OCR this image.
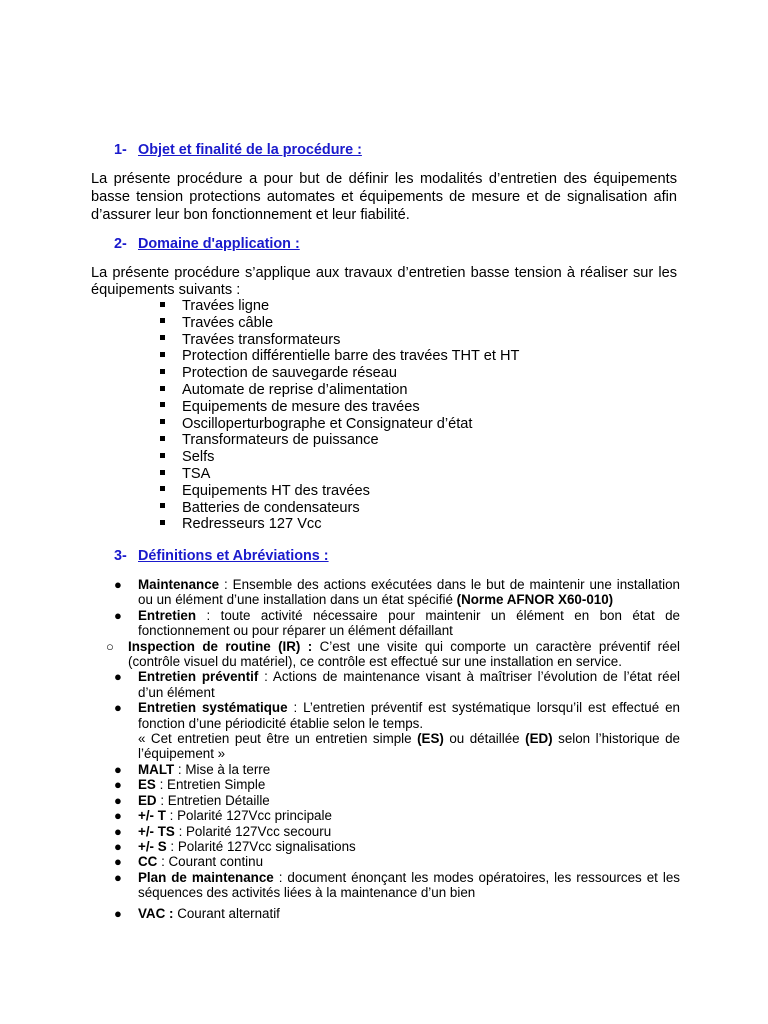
1- Objet et finalité de la procédure :
La présente procédure a pour but de définir les modalités d’entretien des équipements basse tension protections automates et équipements de mesure et de signalisation afin d’assurer leur bon fonctionnement et leur fiabilité.
2- Domaine d'application :
La présente procédure s’applique aux travaux d’entretien basse tension à réaliser sur les équipements suivants :
Travées ligne
Travées câble
Travées transformateurs
Protection différentielle barre des travées THT et HT
Protection de sauvegarde réseau
Automate de reprise d’alimentation
Equipements de mesure des travées
Oscilloperturbographe et Consignateur d’état
Transformateurs de puissance
Selfs
TSA
Equipements HT des travées
Batteries de condensateurs
Redresseurs 127 Vcc
3- Définitions et Abréviations :
● Maintenance : Ensemble des actions exécutées dans le but de maintenir une installation ou un élément d’une installation dans un état spécifié (Norme AFNOR X60-010)
● Entretien : toute activité nécessaire pour maintenir un élément en bon état de fonctionnement ou pour réparer un élément défaillant
○ Inspection de routine (IR) : C’est une visite qui comporte un caractère préventif réel (contrôle visuel du matériel), ce contrôle est effectué sur une installation en service.
● Entretien préventif : Actions de maintenance visant à maîtriser l’évolution de l’état réel d’un élément
● Entretien systématique : L’entretien préventif est systématique lorsqu’il est effectué en fonction d’une périodicité établie selon le temps.
« Cet entretien peut être un entretien simple (ES) ou détaillée (ED) selon l’historique de l’équipement »
● MALT : Mise à la terre
● ES : Entretien Simple
● ED : Entretien Détaille
● +/- T : Polarité 127Vcc principale
● +/- TS : Polarité 127Vcc secouru
● +/- S : Polarité 127Vcc signalisations
● CC : Courant continu
● Plan de maintenance : document énonçant les modes opératoires, les ressources et les séquences des activités liées à la maintenance d’un bien
● VAC : Courant alternatif
